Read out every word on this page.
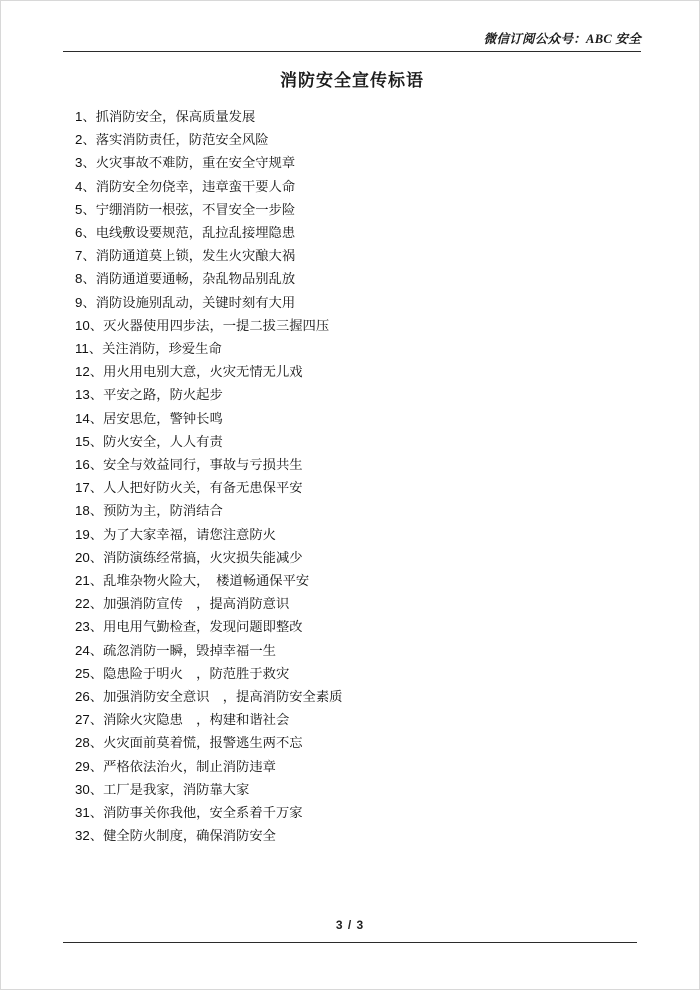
微信订阅公众号：ABC 安全
消防安全宣传标语
1、抓消防安全，保高质量发展
2、落实消防责任，防范安全风险
3、火灾事故不难防，重在安全守规章
4、消防安全勿侥幸，违章蛮干要人命
5、宁绷消防一根弦，不冒安全一步险
6、电线敷设要规范，乱拉乱接埋隐患
7、消防通道莫上锁，发生火灾酿大祸
8、消防通道要通畅，杂乱物品别乱放
9、消防设施别乱动，关键时刻有大用
10、灭火器使用四步法，一提二拔三握四压
11、关注消防，珍爱生命
12、用火用电别大意，火灾无情无儿戏
13、平安之路，防火起步
14、居安思危，警钟长鸣
15、防火安全，人人有责
16、安全与效益同行，事故与亏损共生
17、人人把好防火关，有备无患保平安
18、预防为主，防消结合
19、为了大家幸福，请您注意防火
20、消防演练经常搞，火灾损失能减少
21、乱堆杂物火险大，　楼道畅通保平安
22、加强消防宣传　，提高消防意识
23、用电用气勤检查，发现问题即整改
24、疏忽消防一瞬，毁掉幸福一生
25、隐患险于明火　，防范胜于救灾
26、加强消防安全意识　，提高消防安全素质
27、消除火灾隐患　，构建和谐社会
28、火灾面前莫着慌，报警逃生两不忘
29、严格依法治火，制止消防违章
30、工厂是我家，消防靠大家
31、消防事关你我他，安全系着千万家
32、健全防火制度，确保消防安全
3 / 3
